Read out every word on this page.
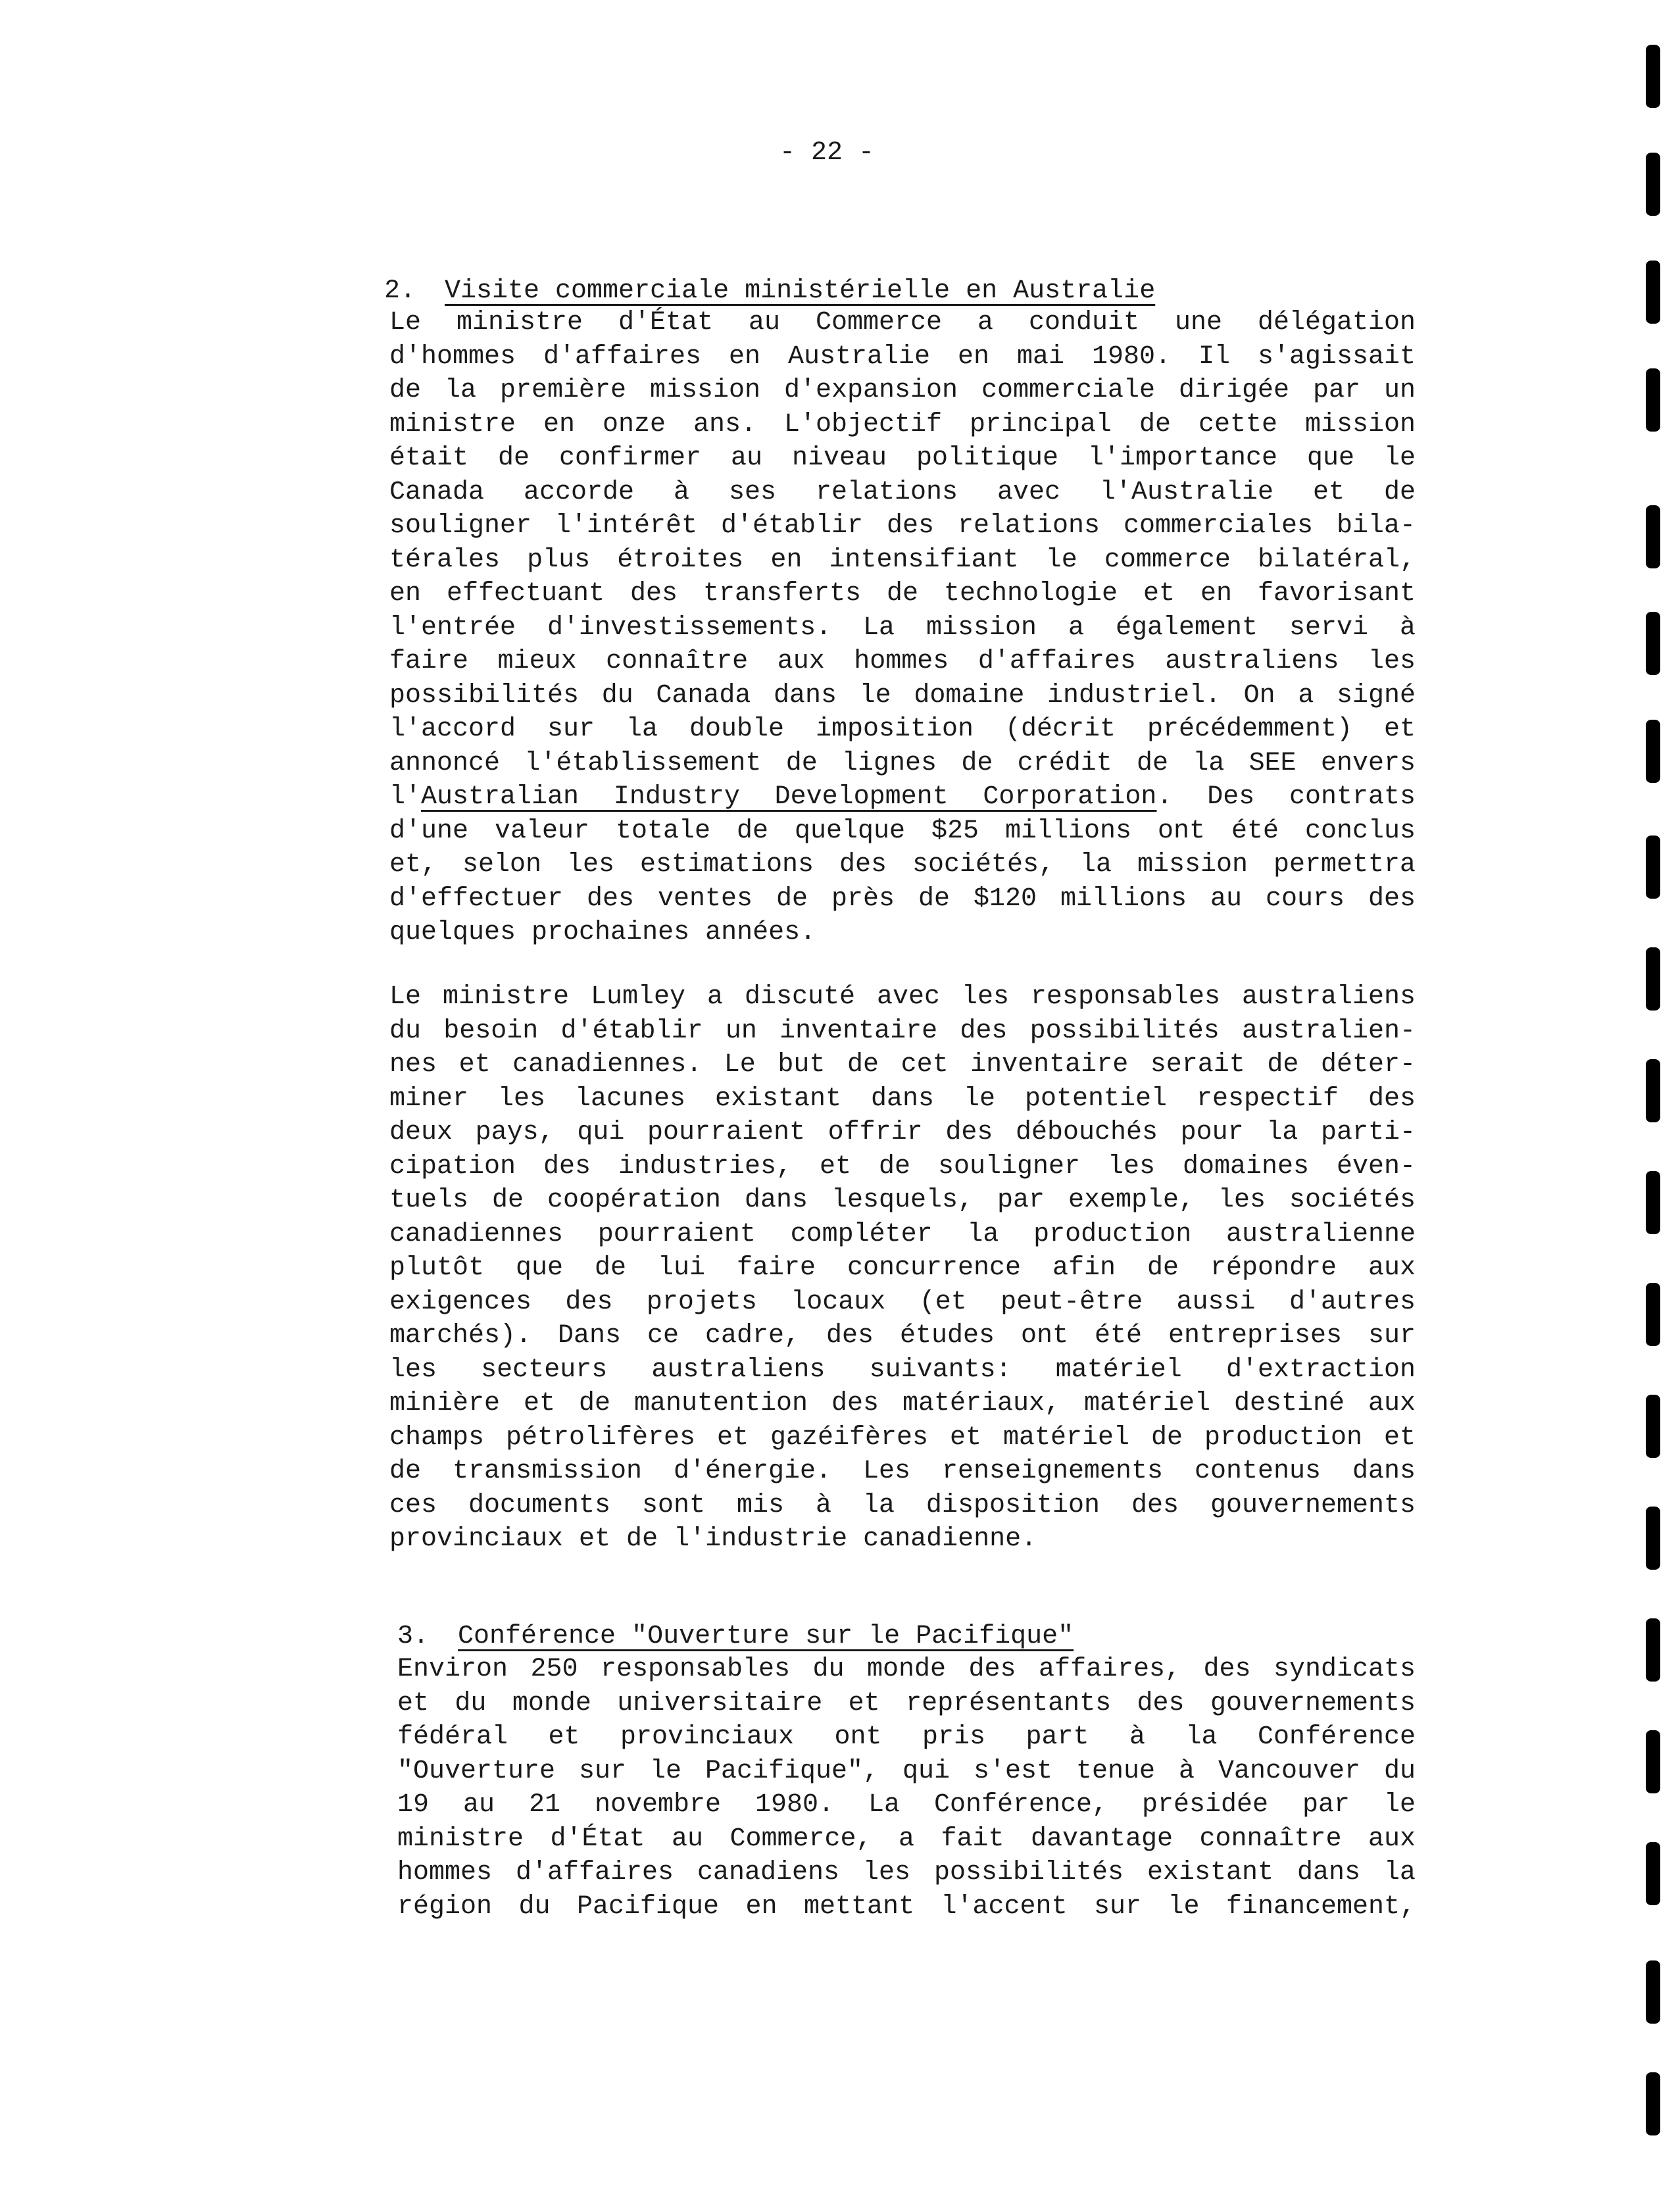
- 22 -

2. Visite commerciale ministérielle en Australie

Le ministre d'État au Commerce a conduit une délégation
d'hommes d'affaires en Australie en mai 1980. Il s'agissait
de la première mission d'expansion commerciale dirigée par un
ministre en onze ans. L'objectif principal de cette mission
était de confirmer au niveau politique l'importance que le
Canada accorde à ses relations avec l'Australie et de
souligner l'intérêt d'établir des relations commerciales bila-
térales plus étroites en intensifiant le commerce bilatéral,
en effectuant des transferts de technologie et en favorisant
l'entrée d'investissements. La mission a également servi à
faire mieux connaître aux hommes d'affaires australiens les
possibilités du Canada dans le domaine industriel. On a signé
l'accord sur la double imposition (décrit précédemment) et
annoncé l'établissement de lignes de crédit de la SEE envers
l'Australian Industry Development Corporation. Des contrats
d'une valeur totale de quelque $25 millions ont été conclus
et, selon les estimations des sociétés, la mission permettra
d'effectuer des ventes de près de $120 millions au cours des
quelques prochaines années.
Le ministre Lumley a discuté avec les responsables australiens
du besoin d'établir un inventaire des possibilités australien-
nes et canadiennes. Le but de cet inventaire serait de déter-
miner les lacunes existant dans le potentiel respectif des
deux pays, qui pourraient offrir des débouchés pour la parti-
cipation des industries, et de souligner les domaines éven-
tuels de coopération dans lesquels, par exemple, les sociétés
canadiennes pourraient compléter la production australienne
plutôt que de lui faire concurrence afin de répondre aux
exigences des projets locaux (et peut-être aussi d'autres
marchés). Dans ce cadre, des études ont été entreprises sur
les secteurs australiens suivants: matériel d'extraction
minière et de manutention des matériaux, matériel destiné aux
champs pétrolifères et gazéifères et matériel de production et
de transmission d'énergie. Les renseignements contenus dans
ces documents sont mis à la disposition des gouvernements
provinciaux et de l'industrie canadienne.

3. Conférence "Ouverture sur le Pacifique"

Environ 250 responsables du monde des affaires, des syndicats
et du monde universitaire et représentants des gouvernements
fédéral et provinciaux ont pris part à la Conférence
"Ouverture sur le Pacifique", qui s'est tenue à Vancouver du
19 au 21 novembre 1980. La Conférence, présidée par le
ministre d'État au Commerce, a fait davantage connaître aux
hommes d'affaires canadiens les possibilités existant dans la
région du Pacifique en mettant l'accent sur le financement,
